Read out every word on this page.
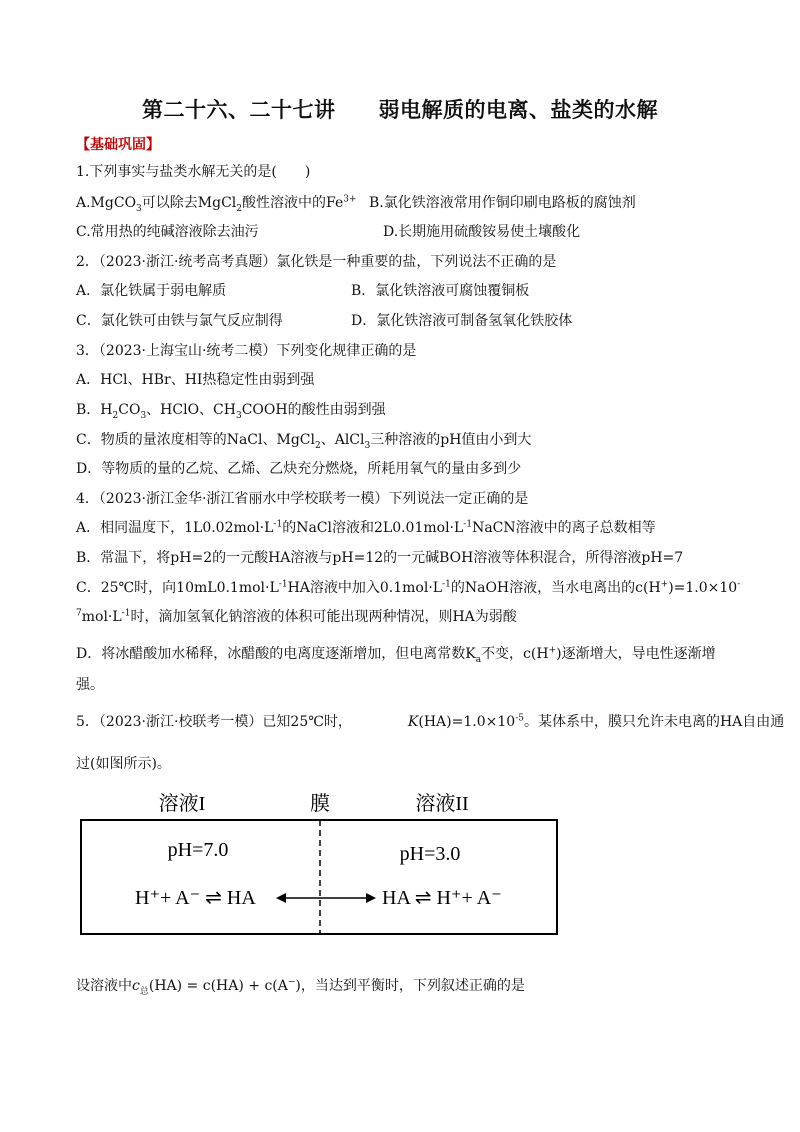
第二十六、二十七讲　　弱电解质的电离、盐类的水解
【基础巩固】
1.下列事实与盐类水解无关的是(　　)
A.MgCO$_3$可以除去MgCl$_2$酸性溶液中的$Fe^{3+}$ B.氯化铁溶液常用作铜印刷电路板的腐蚀剂
C.常用热的纯碱溶液除去油污	D.长期施用硫酸铵易使土壤酸化
2．（2023·浙江·统考高考真题）氯化铁是一种重要的盐，下列说法不正确的是
A．氯化铁属于弱电解质	B．氯化铁溶液可腐蚀覆铜板
C．氯化铁可由铁与氯气反应制得	D．氯化铁溶液可制备氢氧化铁胶体
3．（2023·上海宝山·统考二模）下列变化规律正确的是
A．HCl、HBr、HI热稳定性由弱到强
B．$H_2CO_3$、HClO、$CH_3COOH$的酸性由弱到强
C．物质的量浓度相等的NaCl、MgCl$_2$、AlCl$_3$三种溶液的pH值由小到大
D．等物质的量的乙烷、乙烯、乙炔充分燃烧，所耗用氧气的量由多到少
4．（2023·浙江金华·浙江省丽水中学校联考一模）下列说法一定正确的是
A．相同温度下，$1L0.02mol\cdot L^{-1}$的NaCl溶液和$2L0.01mol\cdot L^{-1}NaCN$溶液中的离子总数相等
B．常温下，将pH=2的一元酸HA溶液与pH=12的一元碱BOH溶液等体积混合，所得溶液pH=7
C．25℃时，向$10mL0.1mol\cdot L^{-1}HA$溶液中加入$0.1mol\cdot L^{-1}$的NaOH溶液，当水电离出的c(H+)=1.0×10-
$^7mol\cdot L^{-1}$时，滴加氢氧化钠溶液的体积可能出现两种情况，则HA为弱酸
D．将冰醋酸加水稀释，冰醋酸的电离度逐渐增加，但电离常数$K_a$不变，c(H+)逐渐增大，导电性逐渐增
强。
5．（2023·浙江·校联考一模）已知25℃时，	$K(HA)=1.0\times 10^{-5}$。某体系中，膜只允许未电离的HA自由通
过(如图所示)。
溶液I	膜	溶液II
pH=7.0	pH=3.0
H⁺+ A⁻ ⇌ HA	HA ⇌ H⁺+ A⁻
设溶液中$c_总(HA) = c(HA) + c(A^-)$，当达到平衡时，下列叙述正确的是
